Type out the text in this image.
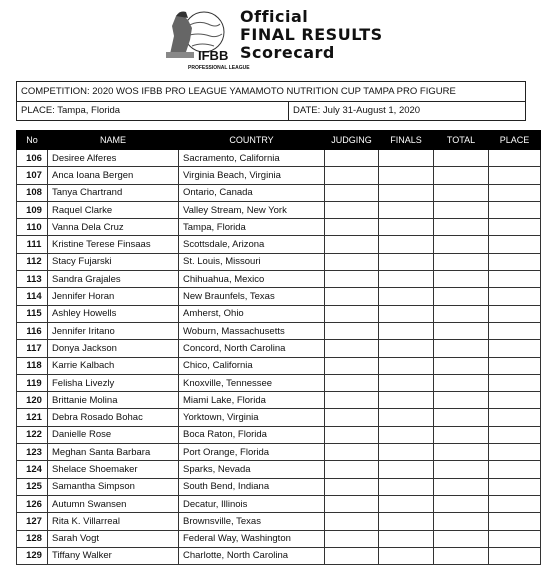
IFBB
PROFESSIONAL LEAGUE
Official
FINAL RESULTS
Scorecard
COMPETITION: 2020 WOS IFBB PRO LEAGUE YAMAMOTO NUTRITION CUP TAMPA PRO FIGURE
PLACE: Tampa, Florida	DATE: July 31-August 1, 2020
No	NAME	COUNTRY	JUDGING	FINALS	TOTAL	PLACE
106	Desiree Alferes	Sacramento, California				
107	Anca Ioana Bergen	Virginia Beach, Virginia				
108	Tanya Chartrand	Ontario, Canada				
109	Raquel Clarke	Valley Stream, New York				
110	Vanna Dela Cruz	Tampa, Florida				
111	Kristine Terese Finsaas	Scottsdale, Arizona				
112	Stacy Fujarski	St. Louis, Missouri				
113	Sandra Grajales	Chihuahua, Mexico				
114	Jennifer Horan	New Braunfels, Texas				
115	Ashley Howells	Amherst, Ohio				
116	Jennifer Iritano	Woburn, Massachusetts				
117	Donya Jackson	Concord, North Carolina				
118	Karrie Kalbach	Chico, California				
119	Felisha Livezly	Knoxville, Tennessee				
120	Brittanie Molina	Miami Lake, Florida				
121	Debra Rosado Bohac	Yorktown, Virginia				
122	Danielle Rose	Boca Raton, Florida				
123	Meghan Santa Barbara	Port Orange, Florida				
124	Shelace Shoemaker	Sparks, Nevada				
125	Samantha Simpson	South Bend, Indiana				
126	Autumn Swansen	Decatur, Illinois				
127	Rita K. Villarreal	Brownsville, Texas				
128	Sarah Vogt	Federal Way, Washington				
129	Tiffany Walker	Charlotte, North Carolina				
